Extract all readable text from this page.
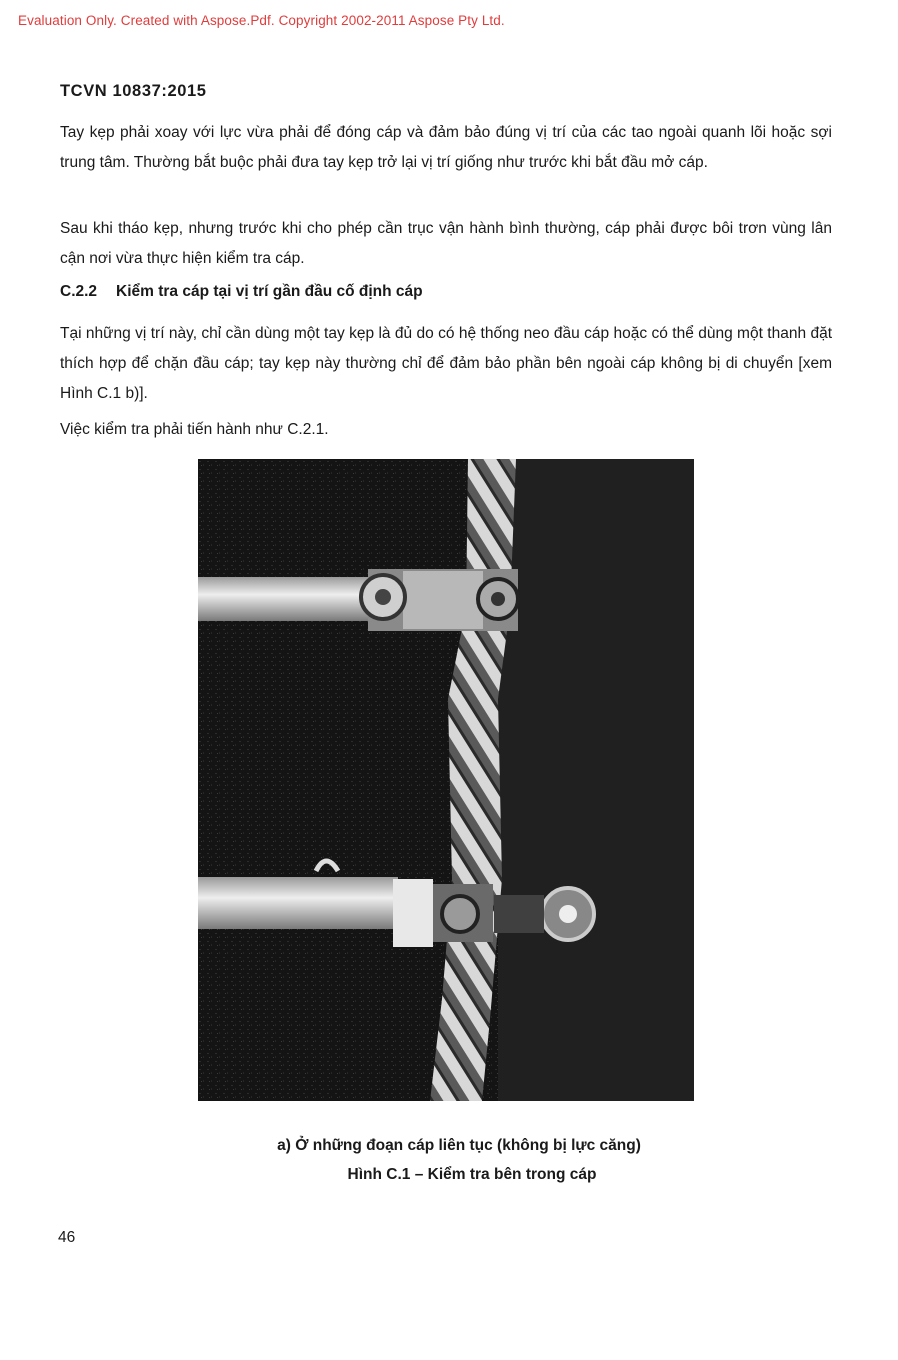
Evaluation Only. Created with Aspose.Pdf. Copyright 2002-2011 Aspose Pty Ltd.
TCVN 10837:2015
Tay kẹp phải xoay với lực vừa phải để đóng cáp và đảm bảo đúng vị trí của các tao ngoài quanh lõi hoặc sợi trung tâm. Thường bắt buộc phải đưa tay kẹp trở lại vị trí giống như trước khi bắt đầu mở cáp.
Sau khi tháo kẹp, nhưng trước khi cho phép cần trục vận hành bình thường, cáp phải được bôi trơn vùng lân cận nơi vừa thực hiện kiểm tra cáp.
C.2.2 Kiểm tra cáp tại vị trí gần đầu cố định cáp
Tại những vị trí này, chỉ cần dùng một tay kẹp là đủ do có hệ thống neo đầu cáp hoặc có thể dùng một thanh đặt thích hợp để chặn đầu cáp; tay kẹp này thường chỉ để đảm bảo phần bên ngoài cáp không bị di chuyển [xem Hình C.1 b)].
Việc kiểm tra phải tiến hành như C.2.1.
a) Ở những đoạn cáp liên tục (không bị lực căng)
Hình C.1 – Kiểm tra bên trong cáp
46
